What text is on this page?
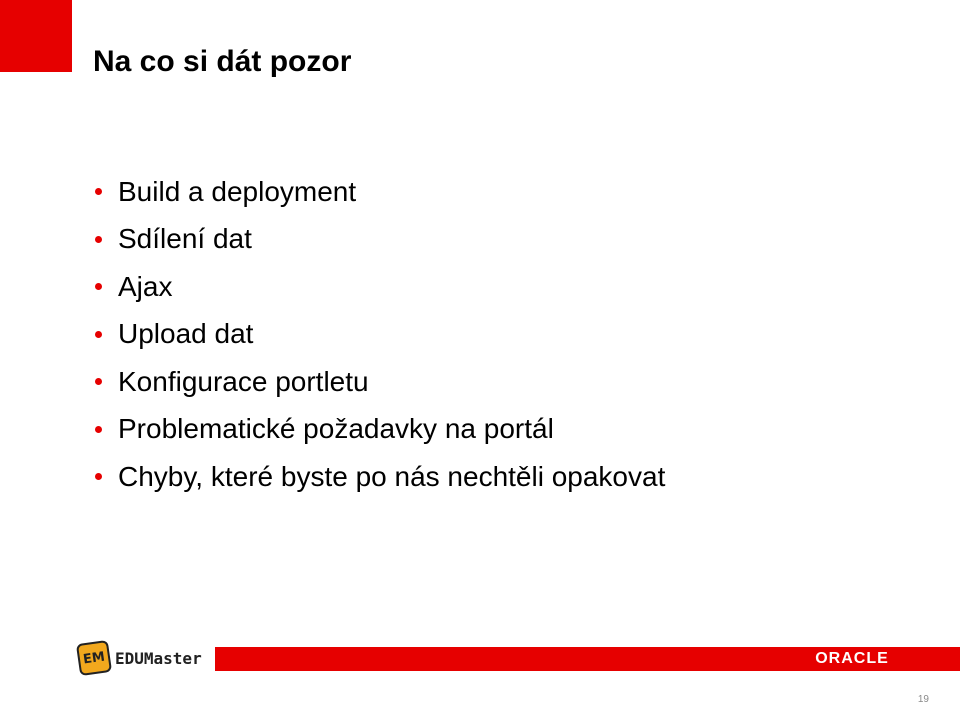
Na co si dát pozor
Build a deployment
Sdílení dat
Ajax
Upload dat
Konfigurace portletu
Problematické požadavky na portál
Chyby, které byste po nás nechtěli opakovat
EM EDUMaster	ORACLE
19
